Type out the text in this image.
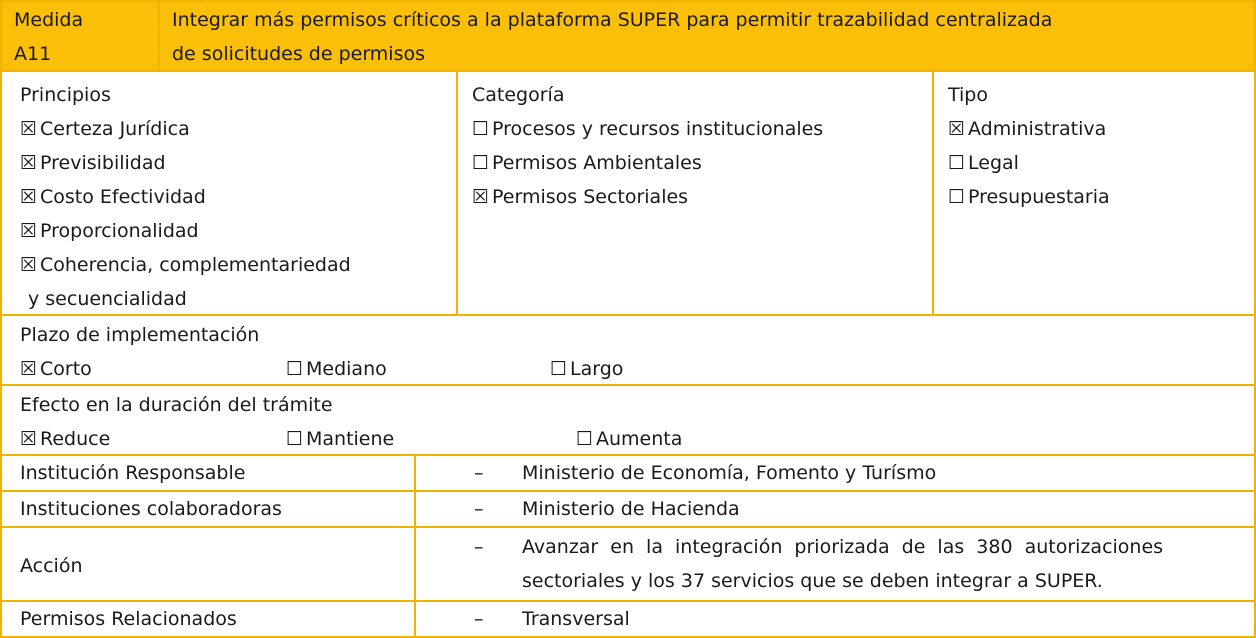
Medida
A11
Integrar más permisos críticos a la plataforma SUPER para permitir trazabilidad centralizada
de solicitudes de permisos
Principios
☒ Certeza Jurídica
☒ Previsibilidad
☒ Costo Efectividad
☒ Proporcionalidad
☒ Coherencia, complementariedad
y secuencialidad
Categoría
☐ Procesos y recursos institucionales
☐ Permisos Ambientales
☒ Permisos Sectoriales
Tipo
☒ Administrativa
☐ Legal
☐ Presupuestaria
Plazo de implementación
☒ Corto	☐ Mediano	☐ Largo
Efecto en la duración del trámite
☒ Reduce	☐ Mantiene	☐ Aumenta
Institución Responsable	– Ministerio de Economía, Fomento y Turísmo
Instituciones colaboradoras	– Ministerio de Hacienda
Acción
– Avanzar en la integración priorizada de las 380 autorizaciones
sectoriales y los 37 servicios que se deben integrar a SUPER.
Permisos Relacionados	– Transversal
